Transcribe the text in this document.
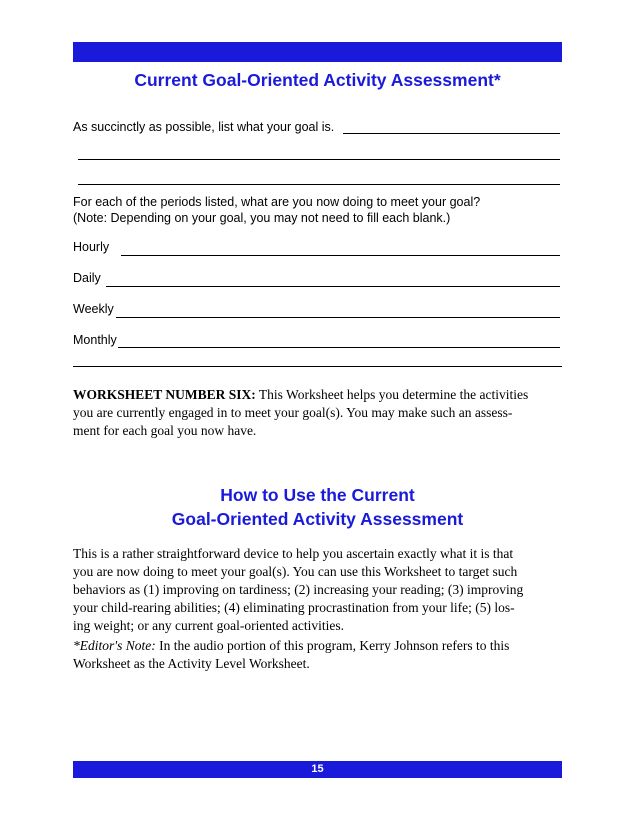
Current Goal-Oriented Activity Assessment*
As succinctly as possible, list what your goal is.
For each of the periods listed, what are you now doing to meet your goal?
(Note: Depending on your goal, you may not need to fill each blank.)
Hourly
Daily
Weekly
Monthly
WORKSHEET NUMBER SIX: This Worksheet helps you determine the activities
you are currently engaged in to meet your goal(s). You may make such an assess-
ment for each goal you now have.
How to Use the Current
Goal-Oriented Activity Assessment
This is a rather straightforward device to help you ascertain exactly what it is that
you are now doing to meet your goal(s). You can use this Worksheet to target such
behaviors as (1) improving on tardiness; (2) increasing your reading; (3) improving
your child-rearing abilities; (4) eliminating procrastination from your life; (5) los-
ing weight; or any current goal-oriented activities.
*Editor's Note: In the audio portion of this program, Kerry Johnson refers to this
Worksheet as the Activity Level Worksheet.
15
